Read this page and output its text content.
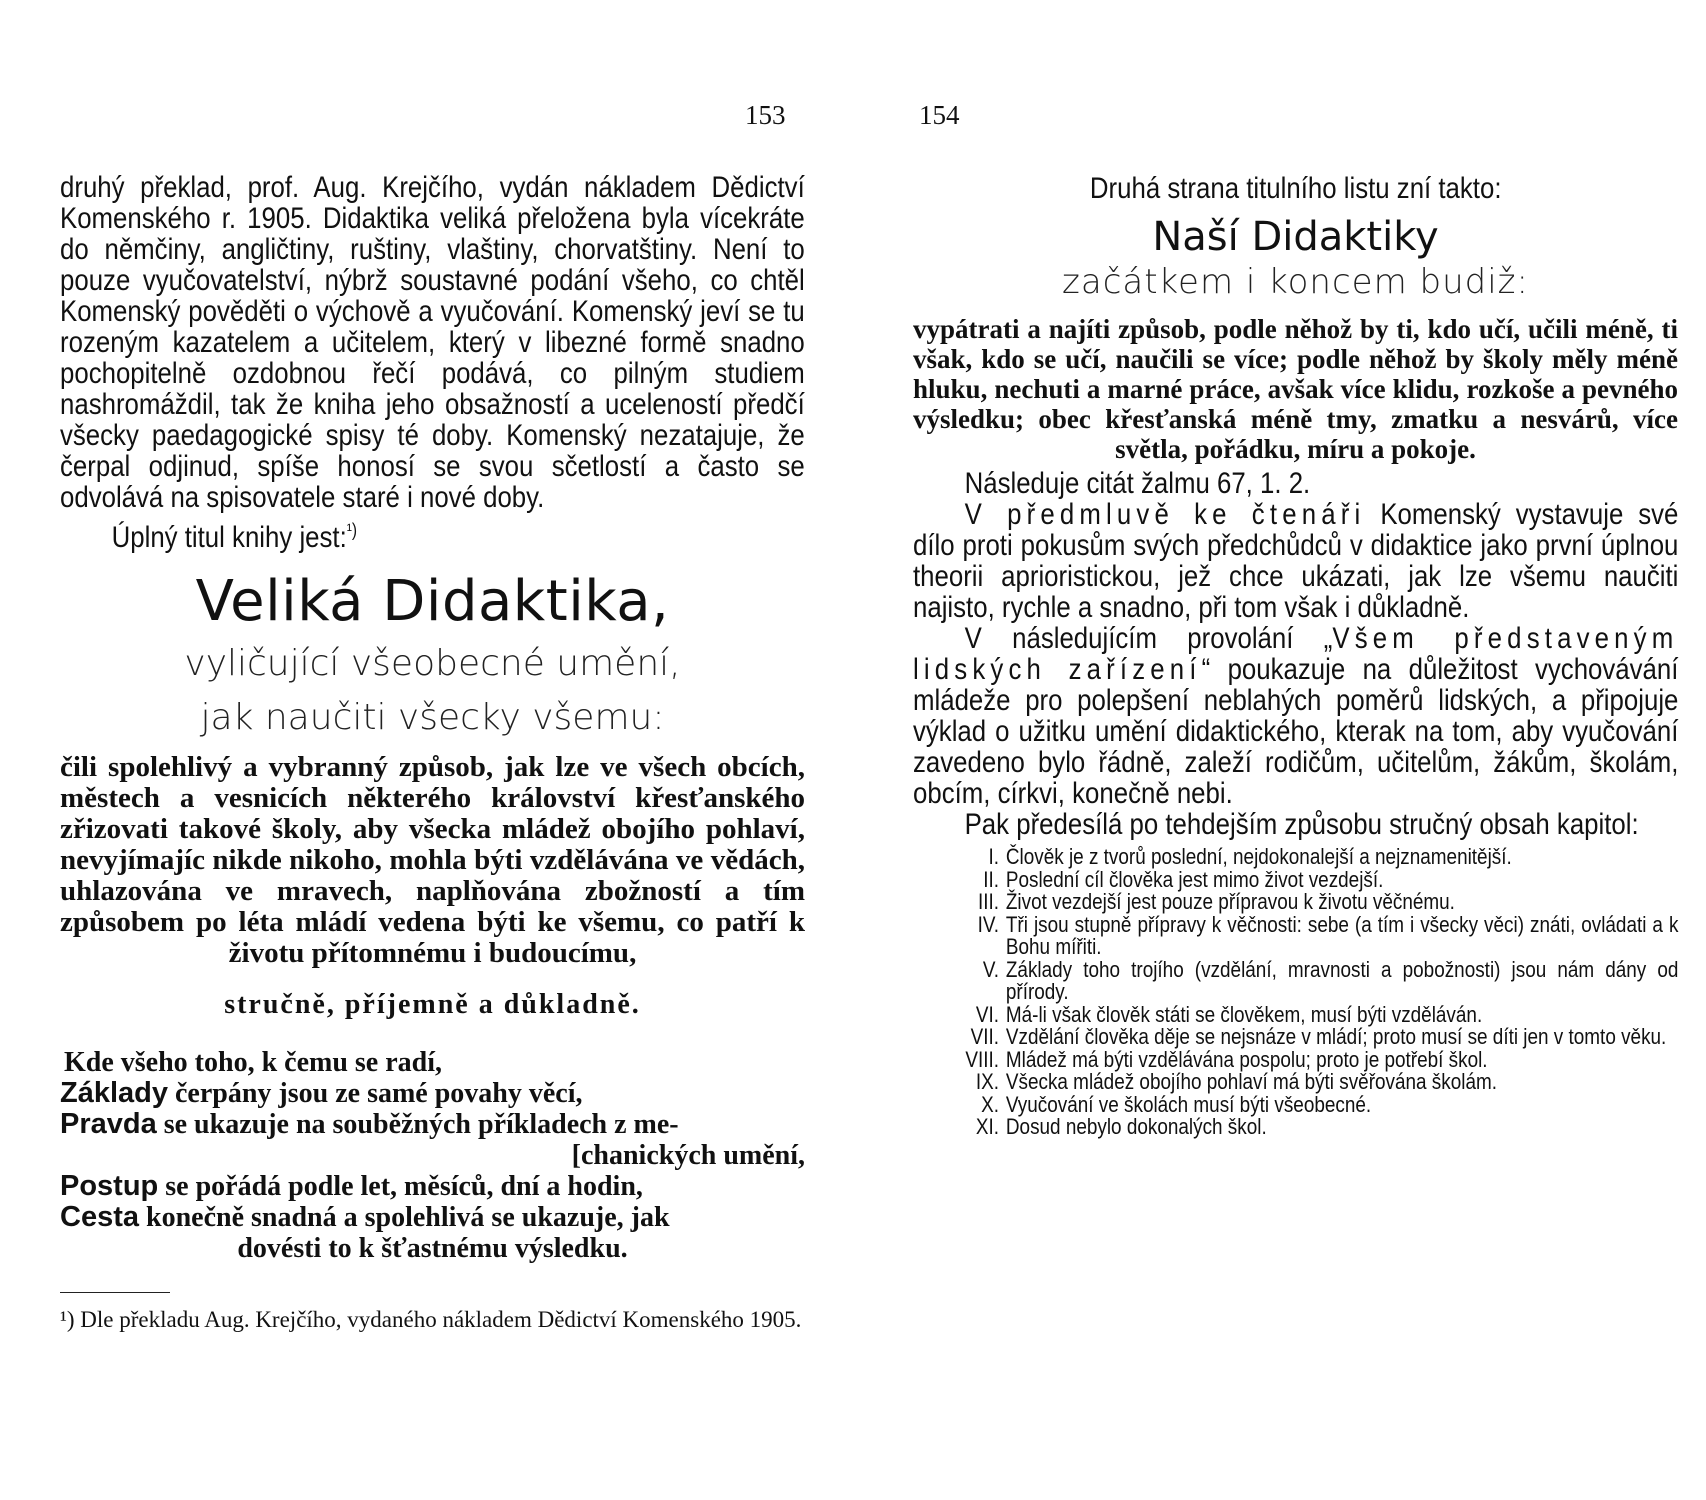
153
druhý překlad, prof. Aug. Krejčího, vydán nákladem Dědictví Komenského r. 1905. Didaktika veliká přeložena byla vícekráte do němčiny, angličtiny, ruštiny, vlaštiny, chorvatštiny. Není to pouze vyučovatelství, nýbrž soustavné podání všeho, co chtěl Komenský pověděti o výchově a vyučování. Komenský jeví se tu rozeným kazatelem a učitelem, který v libezné formě snadno pochopitelně ozdobnou řečí podává, co pilným studiem nashromáždil, tak že kniha jeho obsažností a uceleností předčí všecky paedagogické spisy té doby. Komenský nezatajuje, že čerpal odjinud, spíše honosí se svou sčetlostí a často se odvolává na spisovatele staré i nové doby.
Úplný titul knihy jest:$^{^1)}$
Veliká Didaktika,
vyličující všeobecné umění,
jak naučiti všecky všemu:
čili spolehlivý a vybranný způsob, jak lze ve všech obcích, městech a vesnicích některého království křesťanského zřizovati takové školy, aby všecka mládež obojího pohlaví, nevyjímajíc nikde nikoho, mohla býti vzdělávána ve vědách, uhlazována ve mravech, naplňována zbožností a tím způsobem po léta mládí vedena býti ke všemu, co patří k životu přítomnému i budoucímu,
stručně, příjemně a důkladně.
Kde všeho toho, k čemu se radí,
Základy čerpány jsou ze samé povahy věcí,
Pravda se ukazuje na souběžných příkladech z me-
[chanických umění,
Postup se pořádá podle let, měsíců, dní a hodin,
Cesta konečně snadná a spolehlivá se ukazuje, jak
dovésti to k šťastnému výsledku.
¹) Dle překladu Aug. Krejčího, vydaného nákladem Dědictví Komenského 1905.
154
Druhá strana titulního listu zní takto:
Naší Didaktiky
začátkem i koncem budiž:
vypátrati a najíti způsob, podle něhož by ti, kdo učí, učili méně, ti však, kdo se učí, naučili se více; podle něhož by školy měly méně hluku, nechuti a marné práce, avšak více klidu, rozkoše a pevného výsledku; obec křesťanská méně tmy, zmatku a nesvárů, více světla, pořádku, míru a pokoje.
Následuje citát žalmu 67, 1. 2.
V předmluvě ke čtenáři Komenský vystavuje své dílo proti pokusům svých předchůdců v didaktice jako první úplnou theorii aprioristickou, jež chce ukázati, jak lze všemu naučiti najisto, rychle a snadno, při tom však i důkladně.
V následujícím provolání „Všem představeným lidských zařízení“ poukazuje na důležitost vychovávání mládeže pro polepšení neblahých poměrů lidských, a připojuje výklad o užitku umění didaktického, kterak na tom, aby vyučování zavedeno bylo řádně, zaleží rodičům, učitelům, žákům, školám, obcím, církvi, konečně nebi.
Pak předesílá po tehdejším způsobu stručný obsah kapitol:
I. Člověk je z tvorů poslední, nejdokonalejší a nejznamenitější.
II. Poslední cíl člověka jest mimo život vezdejší.
III. Život vezdejší jest pouze přípravou k životu věčnému.
IV. Tři jsou stupně přípravy k věčnosti: sebe (a tím i všecky věci) znáti, ovládati a k Bohu mířiti.
V. Základy toho trojího (vzdělání, mravnosti a pobožnosti) jsou nám dány od přírody.
VI. Má-li však člověk státi se člověkem, musí býti vzděláván.
VII. Vzdělání člověka děje se nejsnáze v mládí; proto musí se díti jen v tomto věku.
VIII. Mládež má býti vzdělávána pospolu; proto je potřebí škol.
IX. Všecka mládež obojího pohlaví má býti svěřována školám.
X. Vyučování ve školách musí býti všeobecné.
XI. Dosud nebylo dokonalých škol.
